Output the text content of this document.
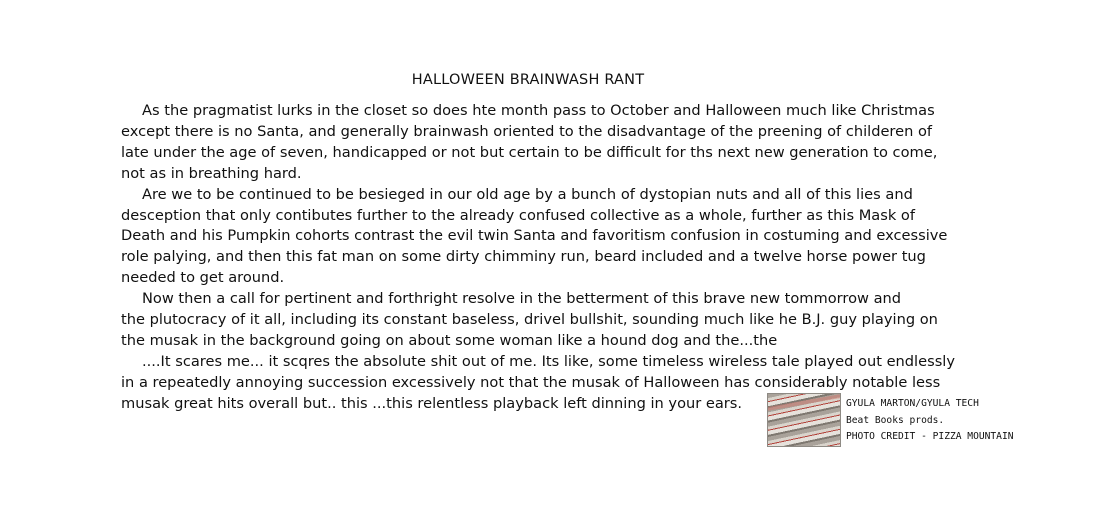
HALLOWEEN BRAINWASH RANT

As the pragmatist lurks in the closet so does hte month pass to October and Halloween much like Christmas
except there is no Santa, and generally brainwash oriented to the disadvantage of the preening of childeren of
late under the age of seven, handicapped or not but certain to be difficult for ths next new generation to come,
not as in breathing hard.

Are we to be continued to be besieged in our old age by a bunch of dystopian nuts and all of this lies and
desception that only contibutes further to the already confused collective as a whole, further as this Mask of
Death and his Pumpkin cohorts contrast the evil twin Santa and favoritism confusion in costuming and excessive
role palying, and then this fat man on some dirty chimminy run, beard included and a twelve horse power tug
needed to get around.

Now then a call for pertinent and forthright resolve in the betterment of this brave new tommorrow and
the plutocracy of it all, including its constant baseless, drivel bullshit, sounding much like he B.J. guy playing on
the musak in the background going on about some woman like a hound dog and the...the

....It scares me... it scqres the absolute shit out of me. Its like, some timeless wireless tale played out endlessly
in a repeatedly annoying succession excessively not that the musak of Halloween has considerably notable less
musak great hits overall but.. this ...this relentless playback left dinning in your ears.	GYULA MARTON/GYULA TECH
Beat Books prods.
PHOTO CREDIT - PIZZA MOUNTAIN
